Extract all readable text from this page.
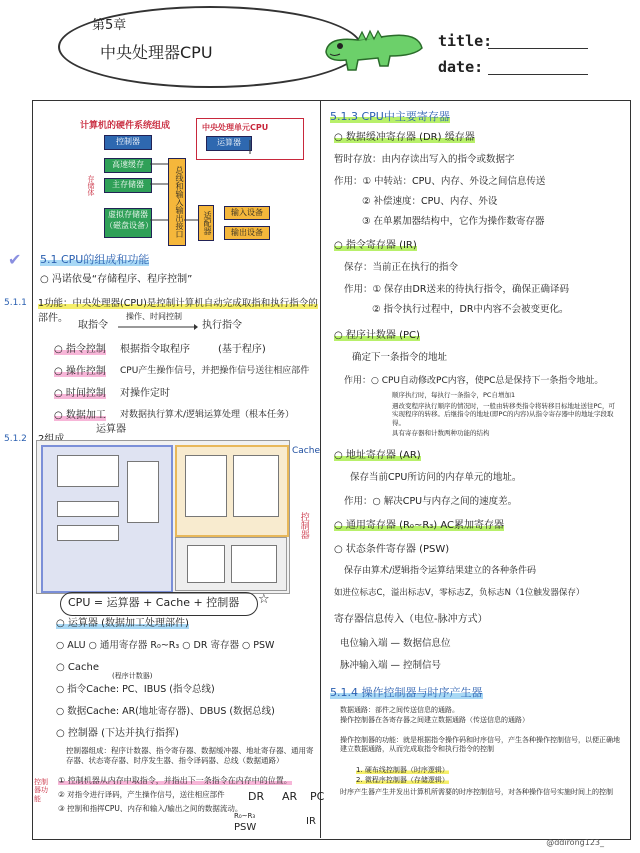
第5章
中央处理器CPU
title:
date:
计算机的硬件系统组成	中央处理单元CPU
控制器	运算器
高速缓存
主存储器
虚拟存储器（磁盘设备）
存储体	总线和输入输出接口	适配器	输入设备
输出设备
✔ 5.1 CPU的组成和功能
○ 冯诺依曼“存储程序、程序控制”
5.1.1 1功能：中央处理器(CPU)是控制计算机自动完成取指和执行指令的
部件。
取指令
操作、时间控制
执行指令
○ 指令控制 根据指令取程序	(基于程序)
○ 操作控制 CPU产生操作信号，并把操作信号送往相应部件
○ 时间控制 对操作定时
○ 数据加工 对数据执行算术/逻辑运算处理（根本任务）
5.1.2
运算器
Cache
控制器
CPU = 运算器 + Cache + 控制器 ☆
○ 运算器 (数据加工处理部件)
○ ALU ○ 通用寄存器 R₀~R₃ ○ DR 寄存器 ○ PSW
○ Cache
(程序计数器)
○ 指令Cache: PC、IBUS (指令总线)
○ 数据Cache: AR(地址寄存器)、DBUS (数据总线)
○ 控制器 (下达并执行指挥)
控制器组成：程序计数器、指令寄存器、数据缓冲器、地址寄存器、通用寄存器、状态寄存器、时序发生器、指令译码器、总线（数据通路）
控制器功能
① 控制机器从内存中取指令，并指出下一条指令在内存中的位置。
② 对指令进行译码，产生操作信号，送往相应部件
③ 控制和指挥CPU、内存和输入/输出之间的数据流动。
DR AR PC
R₀~R₃
PSW
IR
5.1.3 CPU中主要寄存器
○ 数据缓冲寄存器 (DR) 缓存器
暂时存放：由内存读出写入的指令或数据字
作用：① 中转站：CPU、内存、外设之间信息传送
② 补偿速度：CPU、内存、外设
③ 在单累加器结构中，它作为操作数寄存器
○ 指令寄存器 (IR)
保存：当前正在执行的指令
作用：① 保存由DR送来的待执行指令，确保正确译码
② 指令执行过程中，DR中内容不会被变更化。
○ 程序计数器 (PC)
确定下一条指令的地址
作用：○ CPU自动修改PC内容，使PC总是保持下一条指令地址。
顺序执行时，每执行一条指令，PC自增加1
遇改变程序执行顺序的情况时，一般由转移类指令将转移目标地址送往PC，可实现程序的转移。后继指令的地址(即PC的内容)从指令寄存器中的地址字段取得。
具有寄存器和计数两种功能的结构
○ 地址寄存器 (AR)
保存当前CPU所访问的内存单元的地址。
作用：○ 解决CPU与内存之间的速度差。
○ 通用寄存器 (R₀~R₃) AC累加寄存器
○ 状态条件寄存器 (PSW)
保存由算术/逻辑指令运算结果建立的各种条件码
如进位标志C，溢出标志V，零标志Z，负标志N（1位触发器保存）
寄存器信息传入（电位-脉冲方式）
电位输入端 — 数据信息位
脉冲输入端 — 控制信号
5.1.4 操作控制器与时序产生器
数据通路：部件之间传送信息的通路。
操作控制器在各寄存器之间建立数据通路（传送信息的通路）
操作控制器的功能：就是根据指令操作码和时序信号，产生各种操作控制信号，以便正确地建立数据通路，从而完成取指令和执行指令的控制
1. 硬布线控制器（时序逻辑）
2. 微程序控制器（存储逻辑）
时序产生器产生并发出计算机所需要的时序控制信号，对各种操作信号实施时间上的控制
@ddirong123_
